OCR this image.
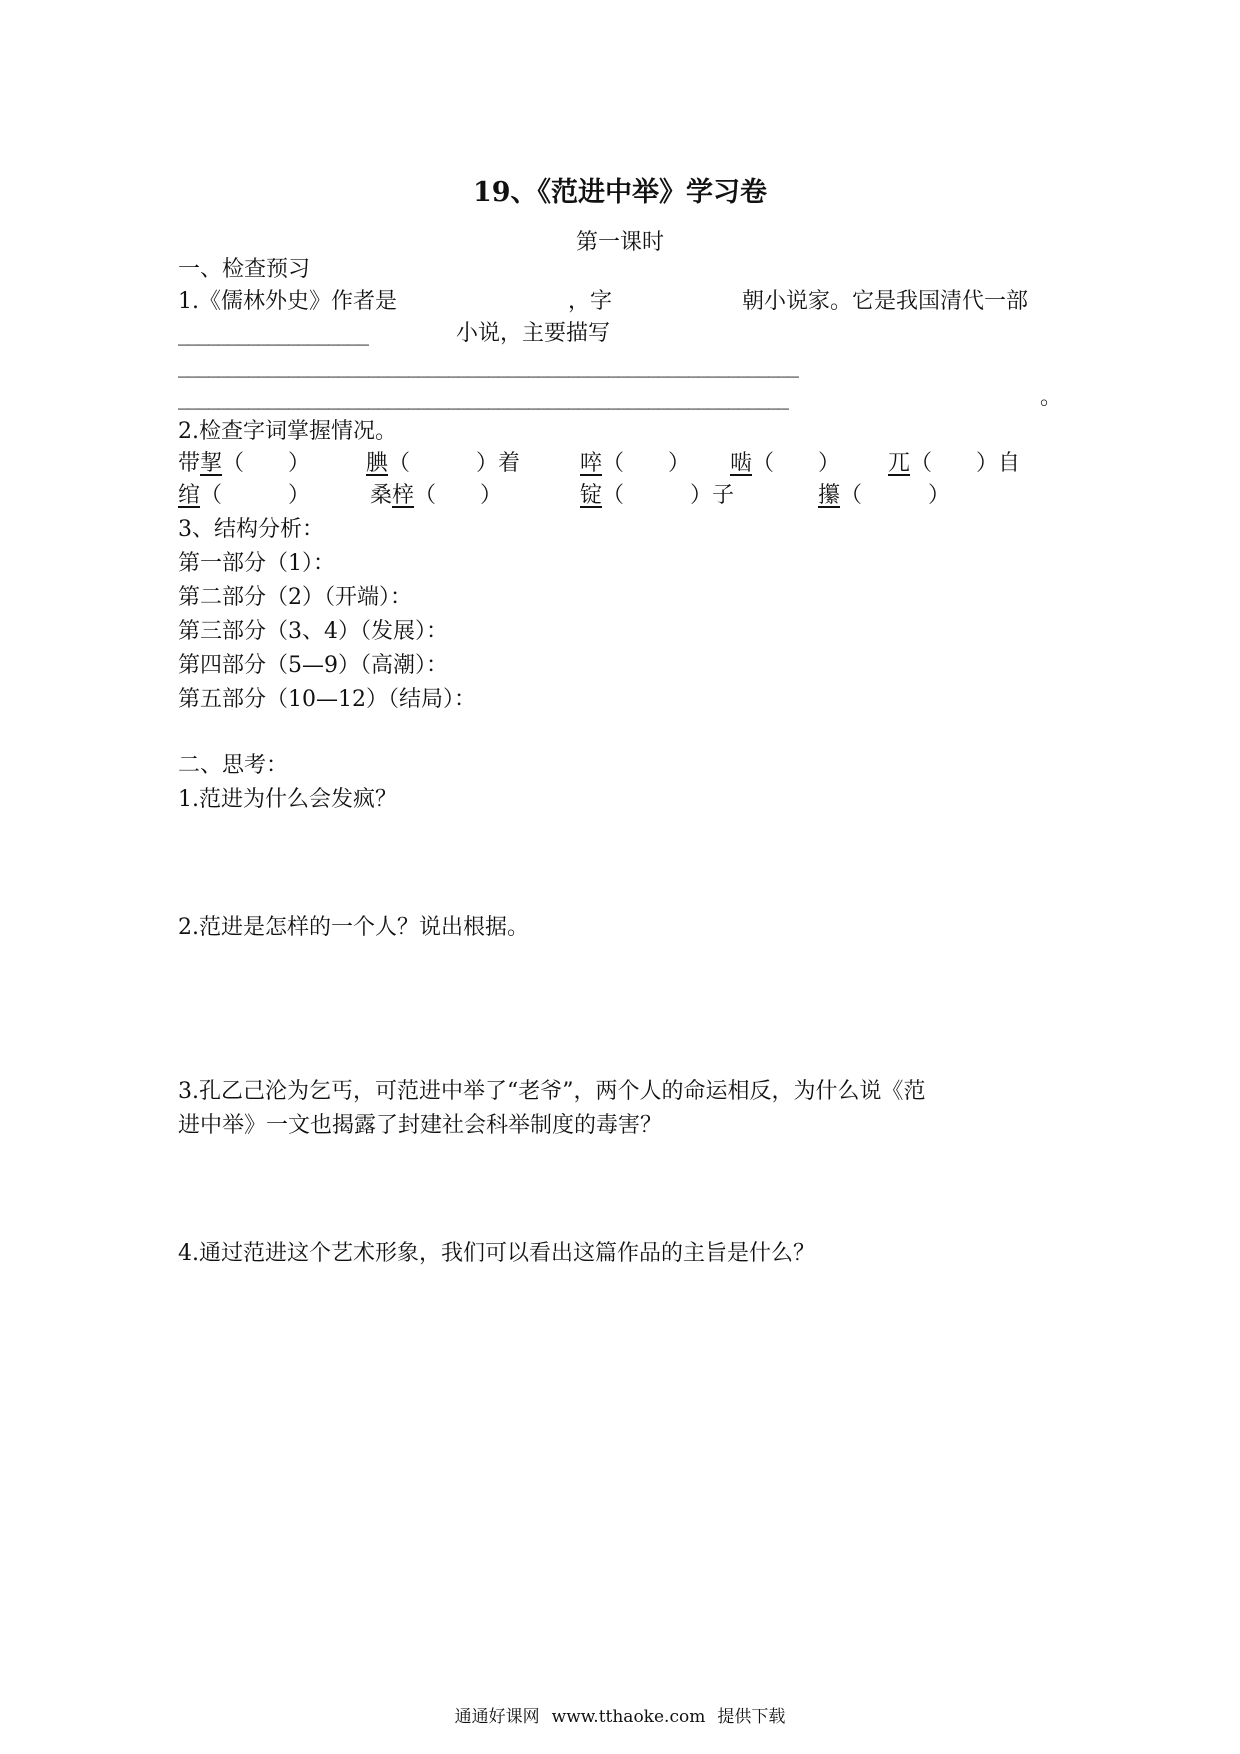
19、《范进中举》学习卷
第一课时
一、检查预习
1.《儒林外史》作者是	，字	朝小说家。它是我国清代一部
___________________	小说，主要描写
______________________________________________________________
_____________________________________________________________	。
2.检查字词掌握情况。
带挈（　　）	腆（　　　）着	啐（　　） 啮（　　） 兀（　　）自
绾（　　　）	桑梓（　　）	锭（　　　）子	攥（　　　）
3、结构分析：
第一部分（1）：
第二部分（2）（开端）：
第三部分（3、4）（发展）：
第四部分（5—9）（高潮）：
第五部分（10—12）（结局）：
二、思考：
1.范进为什么会发疯？
2.范进是怎样的一个人？说出根据。
3.孔乙己沦为乞丐，可范进中举了“老爷”，两个人的命运相反，为什么说《范
进中举》一文也揭露了封建社会科举制度的毒害？
4.通过范进这个艺术形象，我们可以看出这篇作品的主旨是什么？
通通好课网 www.tthaoke.com 提供下载
